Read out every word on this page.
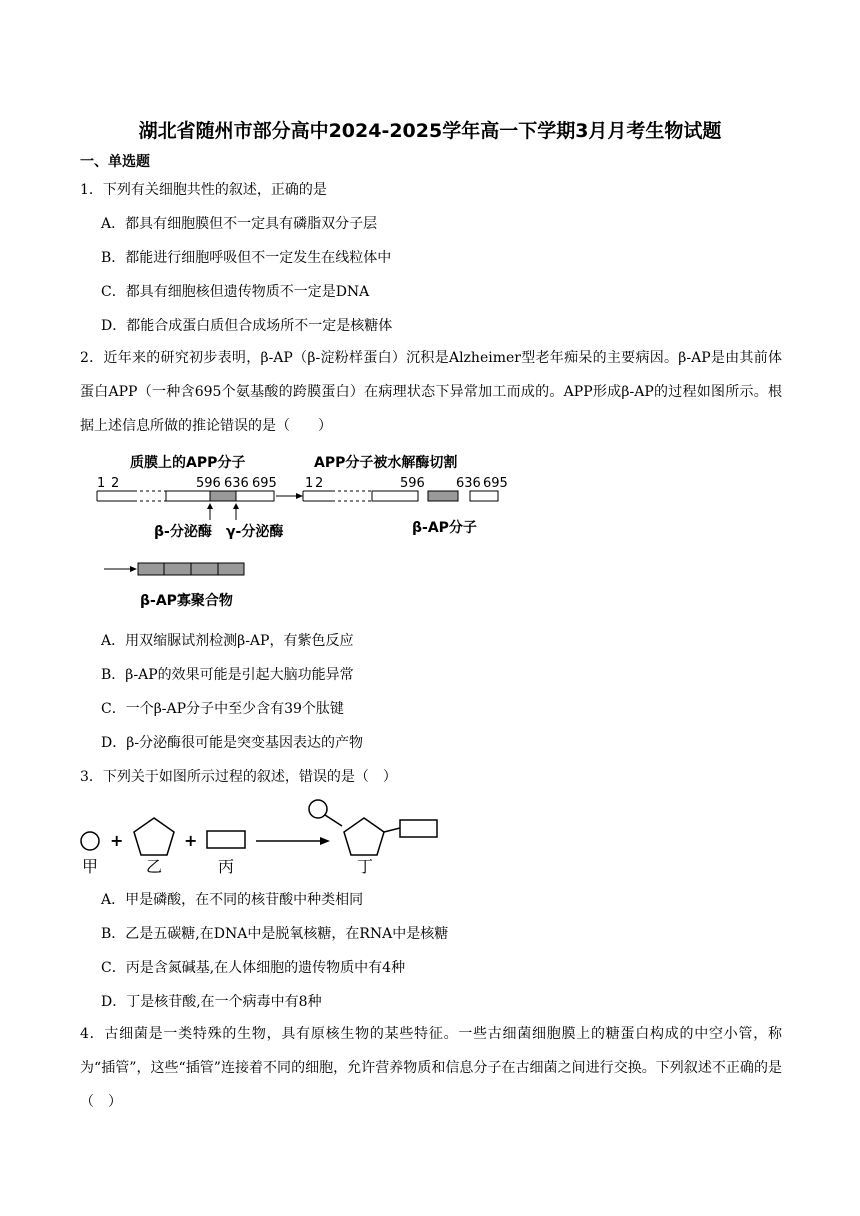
湖北省随州市部分高中2024-2025学年高一下学期3月月考生物试题
一、单选题
1．下列有关细胞共性的叙述，正确的是
A．都具有细胞膜但不一定具有磷脂双分子层
B．都能进行细胞呼吸但不一定发生在线粒体中
C．都具有细胞核但遗传物质不一定是DNA
D．都能合成蛋白质但合成场所不一定是核糖体
2．近年来的研究初步表明，β-AP（β-淀粉样蛋白）沉积是Alzheimer型老年痴呆的主要病因。β-AP是由其前体蛋白APP（一种含695个氨基酸的跨膜蛋白）在病理状态下异常加工而成的。APP形成β-AP的过程如图所示。根据上述信息所做的推论错误的是（　　）
质膜上的APP分子	APP分子被水解酶切割
1 2	596 636 695
β-分泌酶 γ-分泌酶
1 2	596 636 695
β-AP分子
β-AP寡聚合物
A．用双缩脲试剂检测β-AP，有紫色反应
B．β-AP的效果可能是引起大脑功能异常
C．一个β-AP分子中至少含有39个肽键
D．β-分泌酶很可能是突变基因表达的产物
3．下列关于如图所示过程的叙述，错误的是（　）
+	+
甲	乙	丙	丁
A．甲是磷酸，在不同的核苷酸中种类相同
B．乙是五碳糖,在DNA中是脱氧核糖，在RNA中是核糖
C．丙是含氮碱基,在人体细胞的遗传物质中有4种
D．丁是核苷酸,在一个病毒中有8种
4．古细菌是一类特殊的生物，具有原核生物的某些特征。一些古细菌细胞膜上的糖蛋白构成的中空小管，称为“插管”，这些“插管”连接着不同的细胞，允许营养物质和信息分子在古细菌之间进行交换。下列叙述不正确的是（　）
